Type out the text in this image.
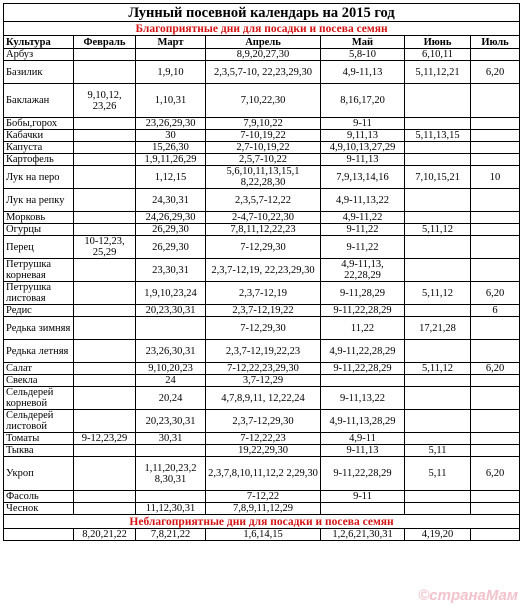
Лунный посевной календарь на 2015 год						
Благоприятные дни для посадки и посева семян						
Культура	Февраль	Март	Апрель	Май	Июнь	Июль
Арбуз			8,9,20,27,30	5,8-10	6,10,11	
Базилик		1,9,10	2,3,5,7-10, 22,23,29,30	4,9-11,13	5,11,12,21	6,20
Баклажан	9,10,12, 23,26	1,10,31	7,10,22,30	8,16,17,20		
Бобы,горох		23,26,29,30	7,9,10,22	9-11		
Кабачки		30	7-10,19,22	9,11,13	5,11,13,15	
Капуста		15,26,30	2,7-10,19,22	4,9,10,13,27,29		
Картофель		1,9,11,26,29	2,5,7-10,22	9-11,13		
Лук на перо		1,12,15	5,6,10,11,13,15,1 8,22,28,30	7,9,13,14,16	7,10,15,21	10
Лук на репку		24,30,31	2,3,5,7-12,22	4,9-11,13,22		
Морковь		24,26,29,30	2-4,7-10,22,30	4,9-11,22		
Огурцы		26,29,30	7,8,11,12,22,23	9-11,22	5,11,12	
Перец	10-12,23, 25,29	26,29,30	7-12,29,30	9-11,22		
Петрушка корневая		23,30,31	2,3,7-12,19, 22,23,29,30	4,9-11,13, 22,28,29		
Петрушка листовая		1,9,10,23,24	2,3,7-12,19	9-11,28,29	5,11,12	6,20
Редис		20,23,30,31	2,3,7-12,19,22	9-11,22,28,29		6
Редька зимняя			7-12,29,30	11,22	17,21,28	
Редька летняя		23,26,30,31	2,3,7-12,19,22,23	4,9-11,22,28,29		
Салат		9,10,20,23	7-12,22,23,29,30	9-11,22,28,29	5,11,12	6,20
Свекла		24	3,7-12,29			
Сельдерей корневой		20,24	4,7,8,9,11, 12,22,24	9-11,13,22		
Сельдерей листовой		20,23,30,31	2,3,7-12,29,30	4,9-11,13,28,29		
Томаты	9-12,23,29	30,31	7-12,22,23	4,9-11		
Тыква			19,22,29,30	9-11,13	5,11	
Укроп		1,11,20,23,2 8,30,31	2,3,7,8,10,11,12,2 2,29,30	9-11,22,28,29	5,11	6,20
Фасоль			7-12,22	9-11		
Чеснок		11,12,30,31	7,8,9,11,12,29			
Неблагоприятные дни для посадки и посева семян						
	8,20,21,22	7,8,21,22	1,6,14,15	1,2,6,21,30,31	4,19,20	
©странаМам
